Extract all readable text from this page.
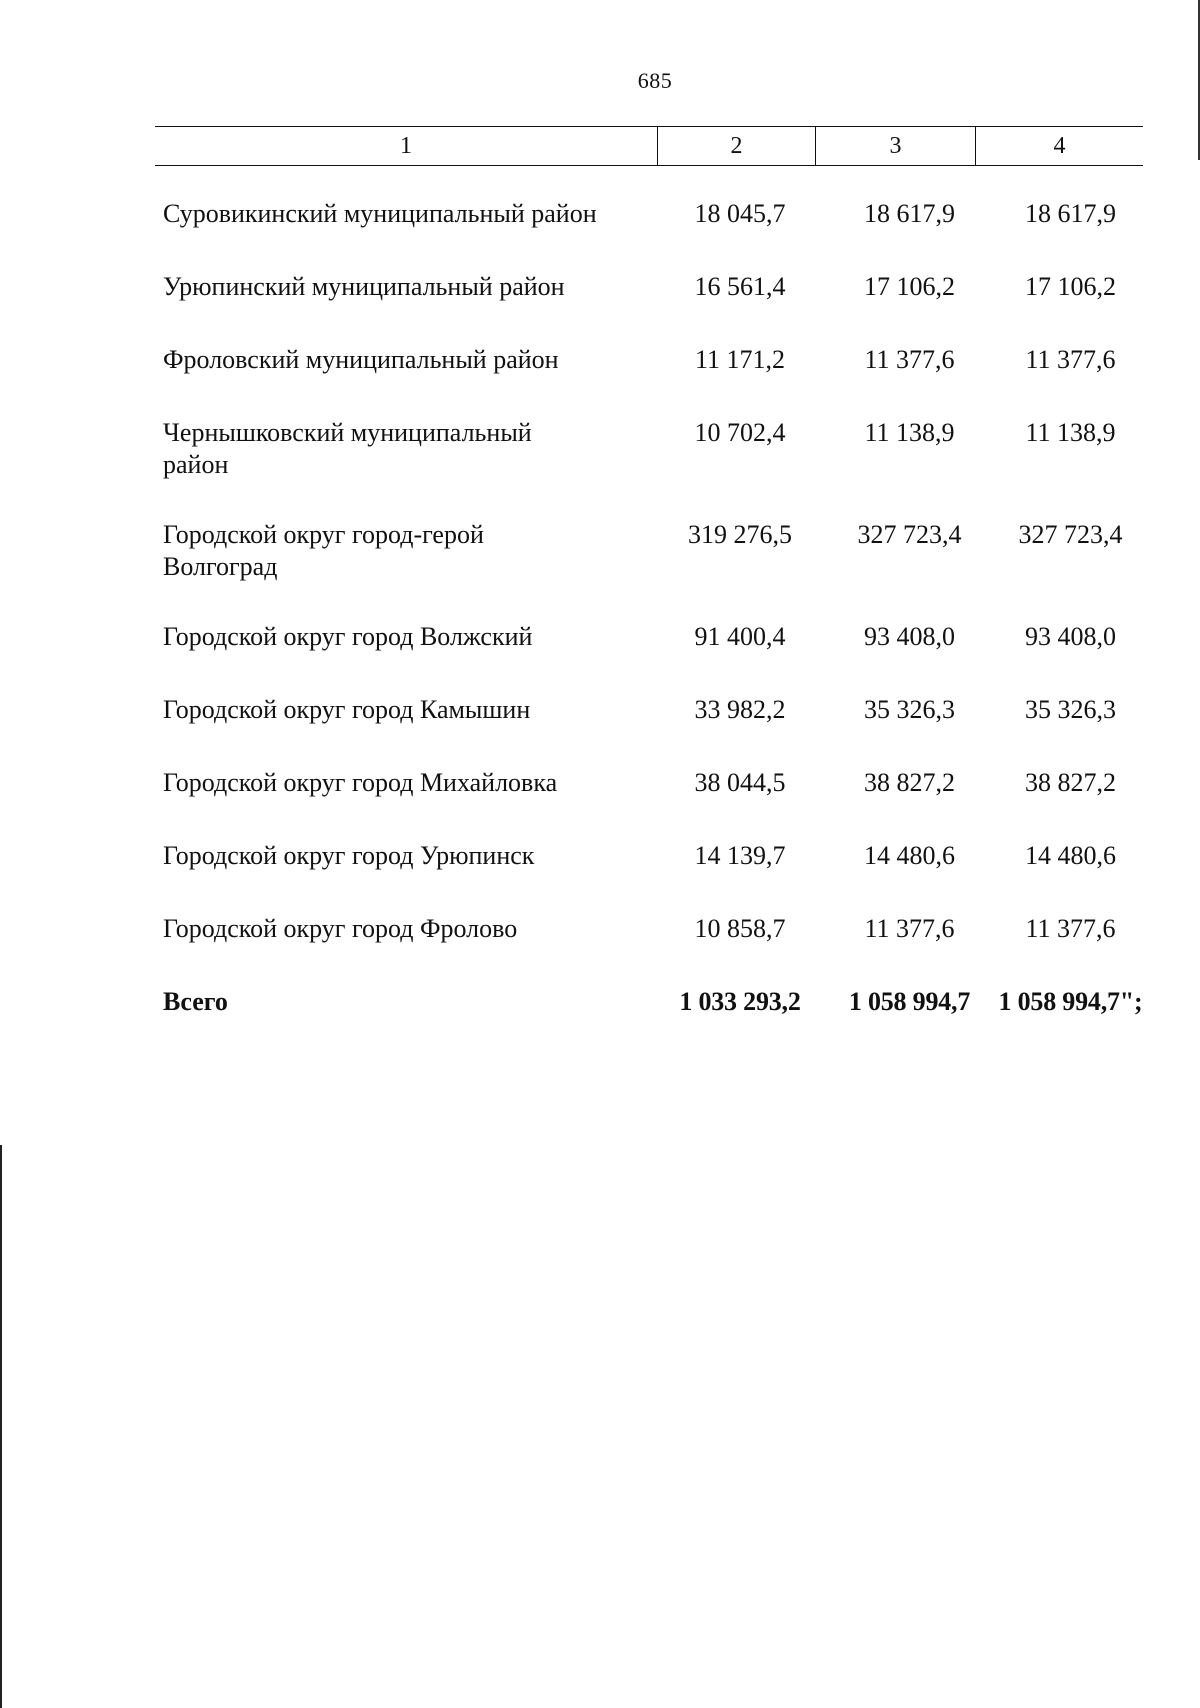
685
1	2	3	4
Суровикинский муниципальный район	18 045,7	18 617,9	18 617,9
Урюпинский муниципальный район	16 561,4	17 106,2	17 106,2
Фроловский муниципальный район	11 171,2	11 377,6	11 377,6
Чернышковский муниципальный
район
10 702,4	11 138,9	11 138,9
Городской округ город-герой
Волгоград
319 276,5	327 723,4	327 723,4
Городской округ город Волжский	91 400,4	93 408,0	93 408,0
Городской округ город Камышин	33 982,2	35 326,3	35 326,3
Городской округ город Михайловка	38 044,5	38 827,2	38 827,2
Городской округ город Урюпинск	14 139,7	14 480,6	14 480,6
Городской округ город Фролово	10 858,7	11 377,6	11 377,6
Всего	1 033 293,2	1 058 994,7	1 058 994,7";
